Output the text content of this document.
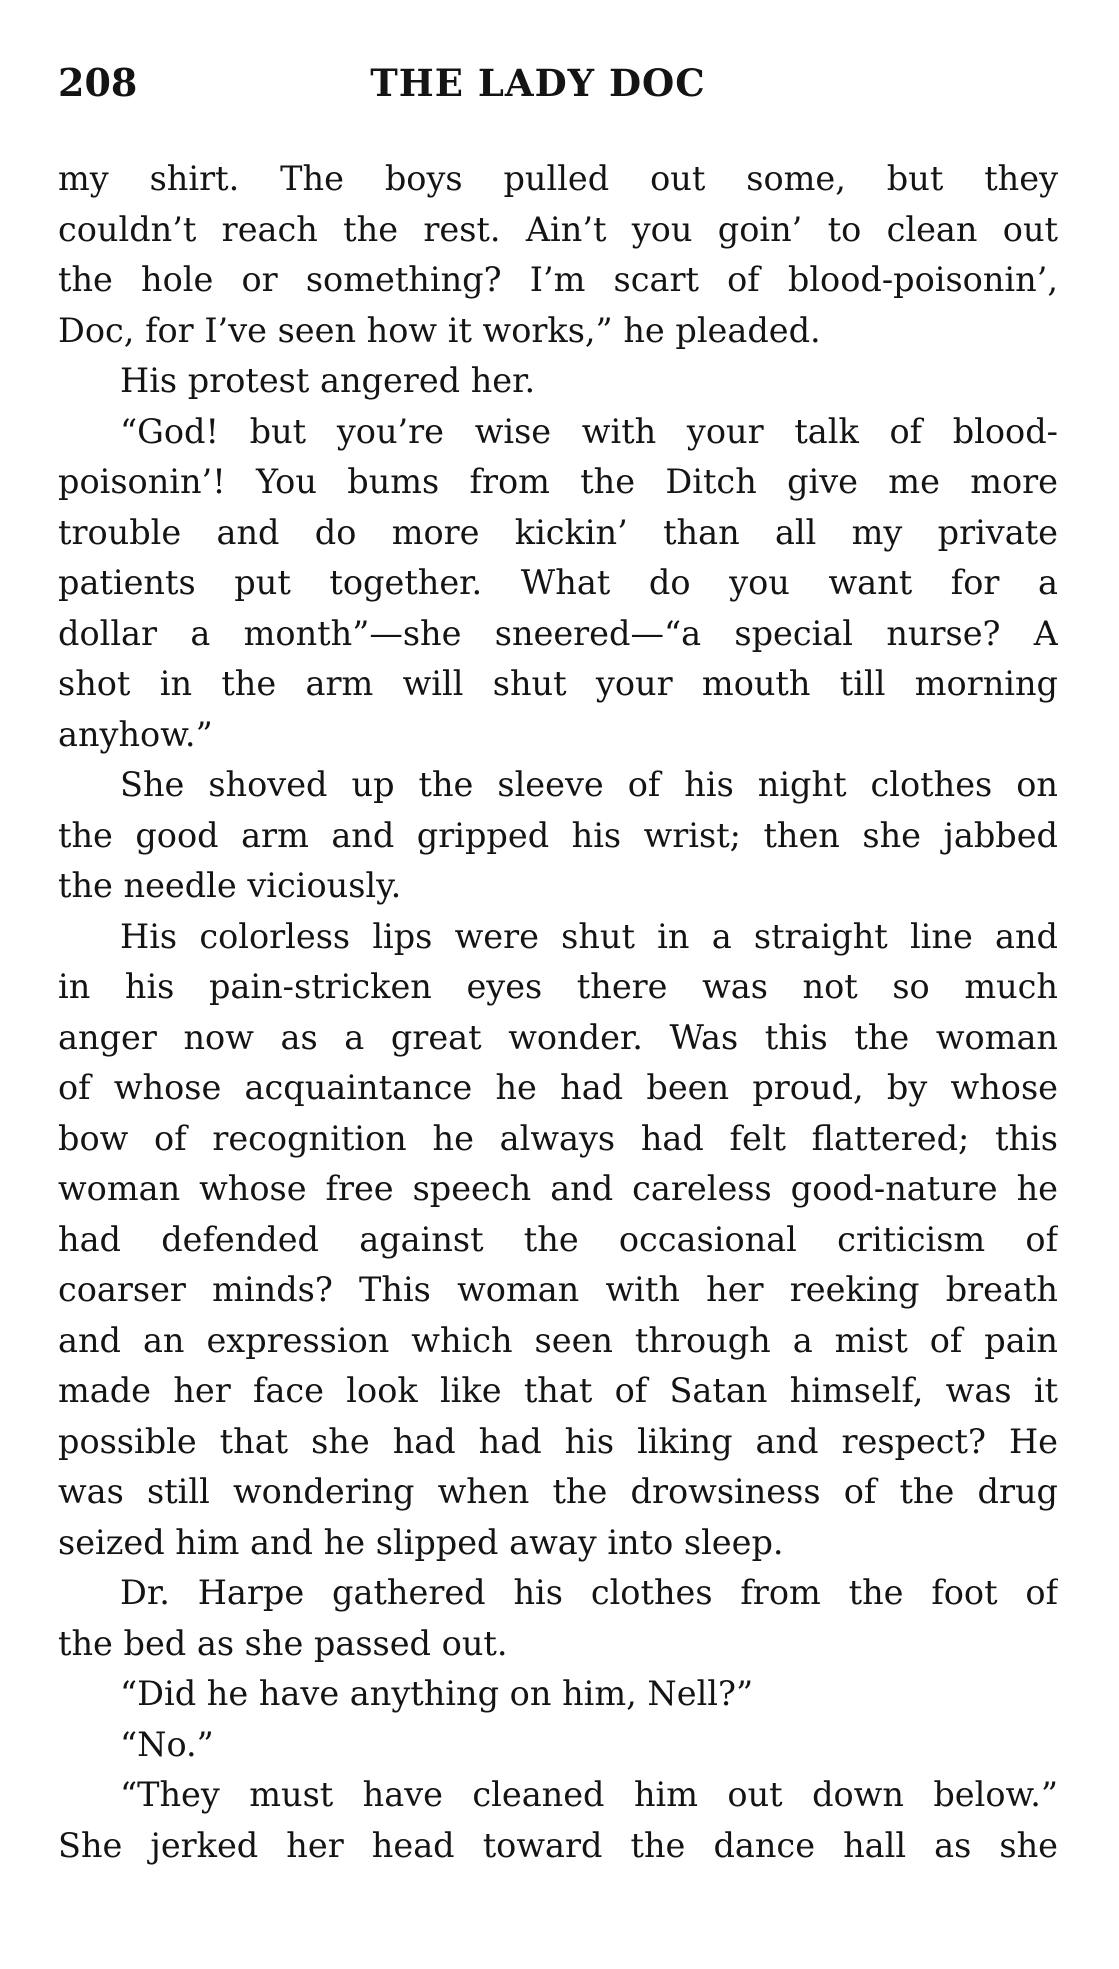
208	THE LADY DOC
my shirt. The boys pulled out some, but they
couldn’t reach the rest. Ain’t you goin’ to clean out
the hole or something? I’m scart of blood-poisonin’,
Doc, for I’ve seen how it works,” he pleaded.
His protest angered her.
“God! but you’re wise with your talk of blood-
poisonin’! You bums from the Ditch give me more
trouble and do more kickin’ than all my private
patients put together. What do you want for a
dollar a month”—she sneered—“a special nurse? A
shot in the arm will shut your mouth till morning
anyhow.”
She shoved up the sleeve of his night clothes on
the good arm and gripped his wrist; then she jabbed
the needle viciously.
His colorless lips were shut in a straight line and
in his pain-stricken eyes there was not so much
anger now as a great wonder. Was this the woman
of whose acquaintance he had been proud, by whose
bow of recognition he always had felt flattered; this
woman whose free speech and careless good-nature he
had defended against the occasional criticism of
coarser minds? This woman with her reeking breath
and an expression which seen through a mist of pain
made her face look like that of Satan himself, was it
possible that she had had his liking and respect? He
was still wondering when the drowsiness of the drug
seized him and he slipped away into sleep.
Dr. Harpe gathered his clothes from the foot of
the bed as she passed out.
“Did he have anything on him, Nell?”
“No.”
“They must have cleaned him out down below.”
She jerked her head toward the dance hall as she
